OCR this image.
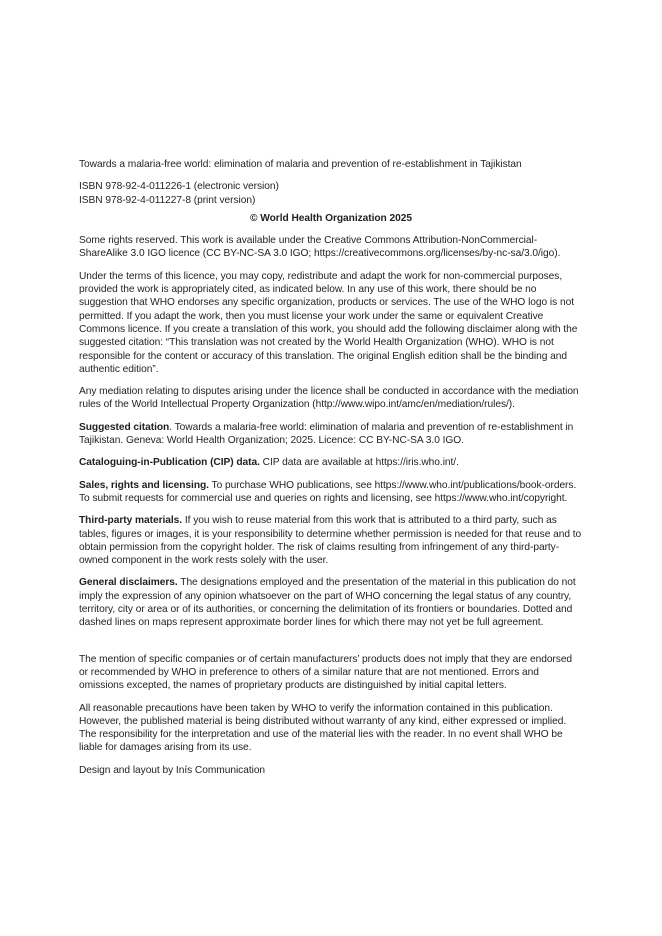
Towards a malaria-free world: elimination of malaria and prevention of re-establishment in Tajikistan

ISBN 978-92-4-011226-1 (electronic version)
ISBN 978-92-4-011227-8 (print version)

© World Health Organization 2025

Some rights reserved. This work is available under the Creative Commons Attribution-NonCommercial-ShareAlike 3.0 IGO licence (CC BY-NC-SA 3.0 IGO; https://creativecommons.org/licenses/by-nc-sa/3.0/igo).

Under the terms of this licence, you may copy, redistribute and adapt the work for non-commercial purposes, provided the work is appropriately cited, as indicated below. In any use of this work, there should be no suggestion that WHO endorses any specific organization, products or services. The use of the WHO logo is not permitted. If you adapt the work, then you must license your work under the same or equivalent Creative Commons licence. If you create a translation of this work, you should add the following disclaimer along with the suggested citation: “This translation was not created by the World Health Organization (WHO). WHO is not responsible for the content or accuracy of this translation. The original English edition shall be the binding and authentic edition”.

Any mediation relating to disputes arising under the licence shall be conducted in accordance with the mediation rules of the World Intellectual Property Organization (http://www.wipo.int/amc/en/mediation/rules/).

Suggested citation. Towards a malaria-free world: elimination of malaria and prevention of re-establishment in Tajikistan. Geneva: World Health Organization; 2025. Licence: CC BY-NC-SA 3.0 IGO.

Cataloguing-in-Publication (CIP) data. CIP data are available at https://iris.who.int/.

Sales, rights and licensing. To purchase WHO publications, see https://www.who.int/publications/book-orders. To submit requests for commercial use and queries on rights and licensing, see https://www.who.int/copyright.

Third-party materials. If you wish to reuse material from this work that is attributed to a third party, such as tables, figures or images, it is your responsibility to determine whether permission is needed for that reuse and to obtain permission from the copyright holder. The risk of claims resulting from infringement of any third-party-owned component in the work rests solely with the user.

General disclaimers. The designations employed and the presentation of the material in this publication do not imply the expression of any opinion whatsoever on the part of WHO concerning the legal status of any country, territory, city or area or of its authorities, or concerning the delimitation of its frontiers or boundaries. Dotted and dashed lines on maps represent approximate border lines for which there may not yet be full agreement.

The mention of specific companies or of certain manufacturers’ products does not imply that they are endorsed or recommended by WHO in preference to others of a similar nature that are not mentioned. Errors and omissions excepted, the names of proprietary products are distinguished by initial capital letters.

All reasonable precautions have been taken by WHO to verify the information contained in this publication. However, the published material is being distributed without warranty of any kind, either expressed or implied. The responsibility for the interpretation and use of the material lies with the reader. In no event shall WHO be liable for damages arising from its use.

Design and layout by Inís Communication
